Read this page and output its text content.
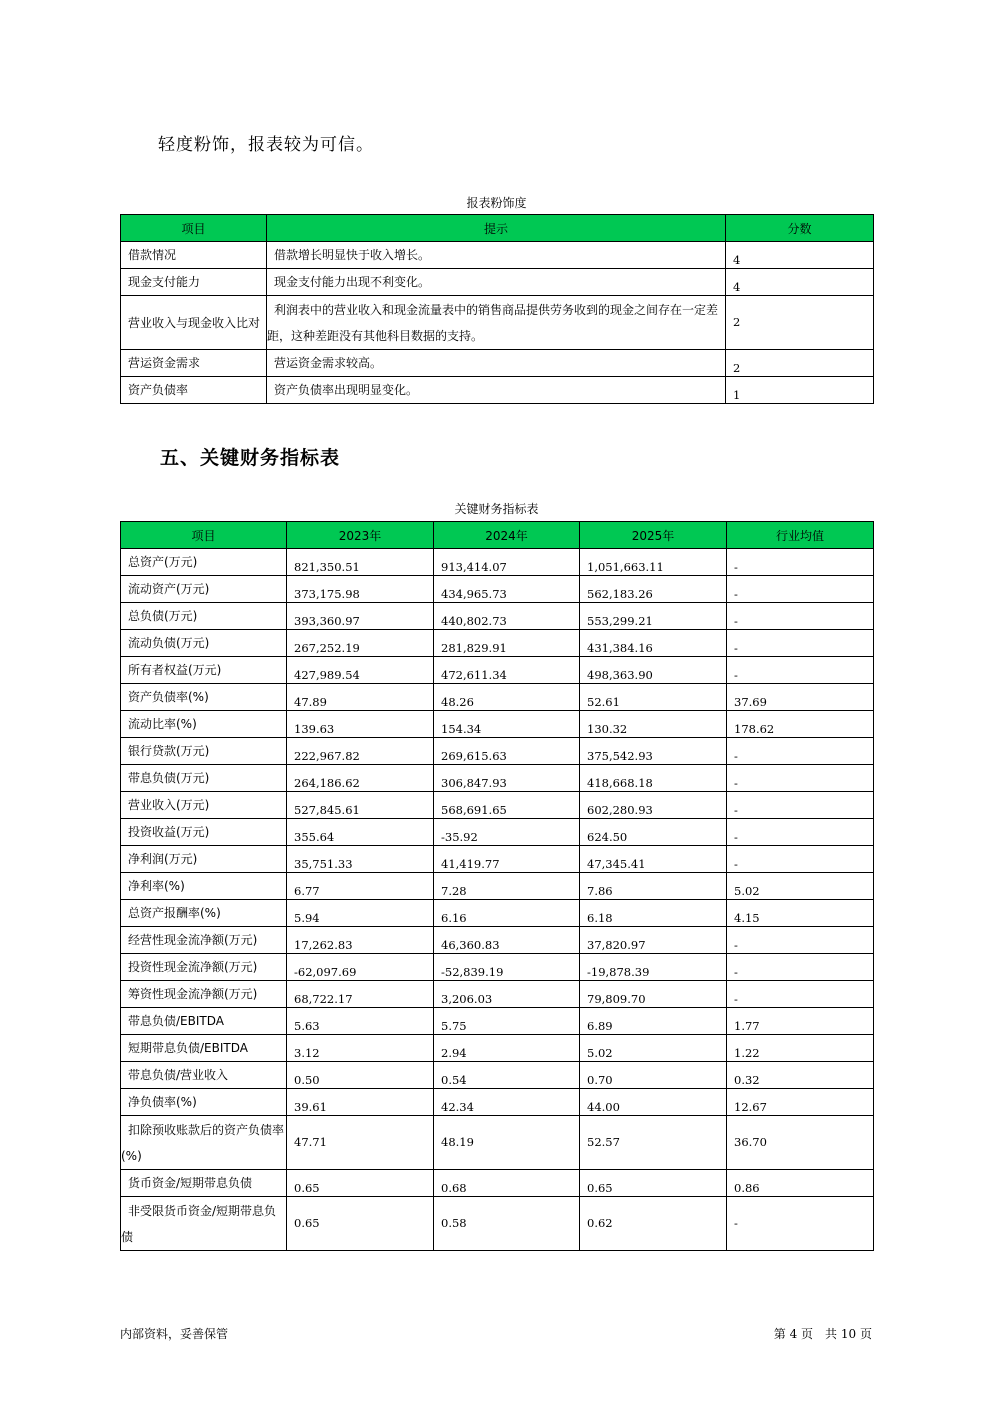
轻度粉饰，报表较为可信。
报表粉饰度
项目	提示	分数
借款情况	借款增长明显快于收入增长。	4
现金支付能力	现金支付能力出现不利变化。	4
营业收入与现金收入比对	利润表中的营业收入和现金流量表中的销售商品提供劳务收到的现金之间存在一定差距，这种差距没有其他科目数据的支持。	2
营运资金需求	营运资金需求较高。	2
资产负债率	资产负债率出现明显变化。	1
五、关键财务指标表
关键财务指标表
项目	2023年	2024年	2025年	行业均值
总资产(万元)	821,350.51	913,414.07	1,051,663.11	-
流动资产(万元)	373,175.98	434,965.73	562,183.26	-
总负债(万元)	393,360.97	440,802.73	553,299.21	-
流动负债(万元)	267,252.19	281,829.91	431,384.16	-
所有者权益(万元)	427,989.54	472,611.34	498,363.90	-
资产负债率(%)	47.89	48.26	52.61	37.69
流动比率(%)	139.63	154.34	130.32	178.62
银行贷款(万元)	222,967.82	269,615.63	375,542.93	-
带息负债(万元)	264,186.62	306,847.93	418,668.18	-
营业收入(万元)	527,845.61	568,691.65	602,280.93	-
投资收益(万元)	355.64	-35.92	624.50	-
净利润(万元)	35,751.33	41,419.77	47,345.41	-
净利率(%)	6.77	7.28	7.86	5.02
总资产报酬率(%)	5.94	6.16	6.18	4.15
经营性现金流净额(万元)	17,262.83	46,360.83	37,820.97	-
投资性现金流净额(万元)	-62,097.69	-52,839.19	-19,878.39	-
筹资性现金流净额(万元)	68,722.17	3,206.03	79,809.70	-
带息负债/EBITDA	5.63	5.75	6.89	1.77
短期带息负债/EBITDA	3.12	2.94	5.02	1.22
带息负债/营业收入	0.50	0.54	0.70	0.32
净负债率(%)	39.61	42.34	44.00	12.67
扣除预收账款后的资产负债率(%)	47.71	48.19	52.57	36.70
货币资金/短期带息负债	0.65	0.68	0.65	0.86
非受限货币资金/短期带息负债	0.65	0.58	0.62	-
内部资料，妥善保管	第 4 页　共 10 页
